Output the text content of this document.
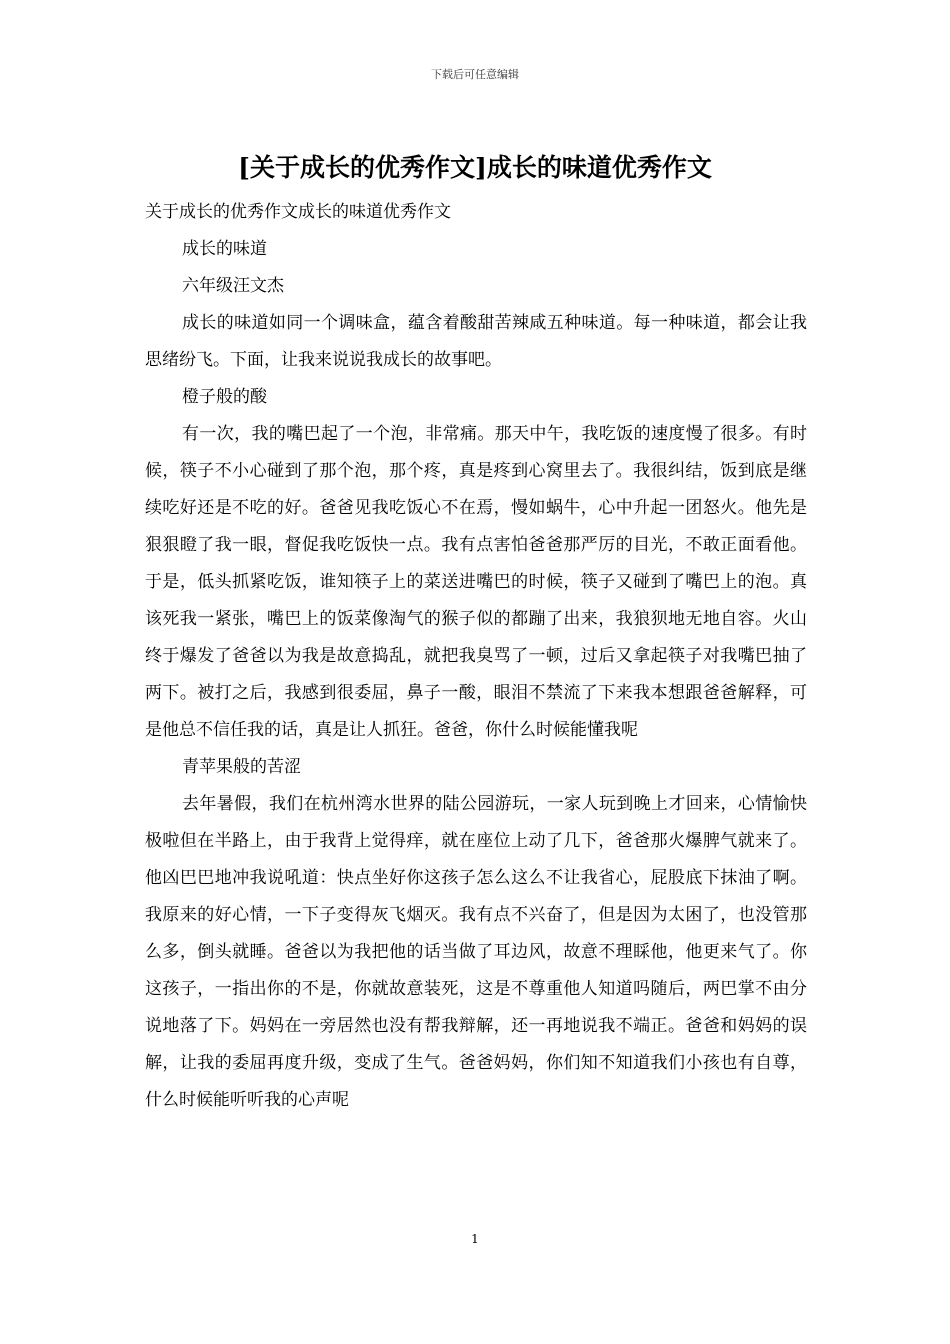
下载后可任意编辑
[关于成长的优秀作文]成长的味道优秀作文

关于成长的优秀作文成长的味道优秀作文

成长的味道

六年级汪文杰

成长的味道如同一个调味盒，蕴含着酸甜苦辣咸五种味道。每一种味道，都会让我思绪纷飞。下面，让我来说说我成长的故事吧。

橙子般的酸

有一次，我的嘴巴起了一个泡，非常痛。那天中午，我吃饭的速度慢了很多。有时候，筷子不小心碰到了那个泡，那个疼，真是疼到心窝里去了。我很纠结，饭到底是继续吃好还是不吃的好。爸爸见我吃饭心不在焉，慢如蜗牛，心中升起一团怒火。他先是狠狠瞪了我一眼，督促我吃饭快一点。我有点害怕爸爸那严厉的目光，不敢正面看他。于是，低头抓紧吃饭，谁知筷子上的菜送进嘴巴的时候，筷子又碰到了嘴巴上的泡。真该死我一紧张，嘴巴上的饭菜像淘气的猴子似的都蹦了出来，我狼狈地无地自容。火山终于爆发了爸爸以为我是故意捣乱，就把我臭骂了一顿，过后又拿起筷子对我嘴巴抽了两下。被打之后，我感到很委屈，鼻子一酸，眼泪不禁流了下来我本想跟爸爸解释，可是他总不信任我的话，真是让人抓狂。爸爸，你什么时候能懂我呢

青苹果般的苦涩

去年暑假，我们在杭州湾水世界的陆公园游玩，一家人玩到晚上才回来，心情愉快极啦但在半路上，由于我背上觉得痒，就在座位上动了几下，爸爸那火爆脾气就来了。他凶巴巴地冲我说吼道：快点坐好你这孩子怎么这么不让我省心，屁股底下抹油了啊。我原来的好心情，一下子变得灰飞烟灭。我有点不兴奋了，但是因为太困了，也没管那么多，倒头就睡。爸爸以为我把他的话当做了耳边风，故意不理睬他，他更来气了。你这孩子，一指出你的不是，你就故意装死，这是不尊重他人知道吗随后，两巴掌不由分说地落了下。妈妈在一旁居然也没有帮我辩解，还一再地说我不端正。爸爸和妈妈的误解，让我的委屈再度升级，变成了生气。爸爸妈妈，你们知不知道我们小孩也有自尊，什么时候能听听我的心声呢

1
